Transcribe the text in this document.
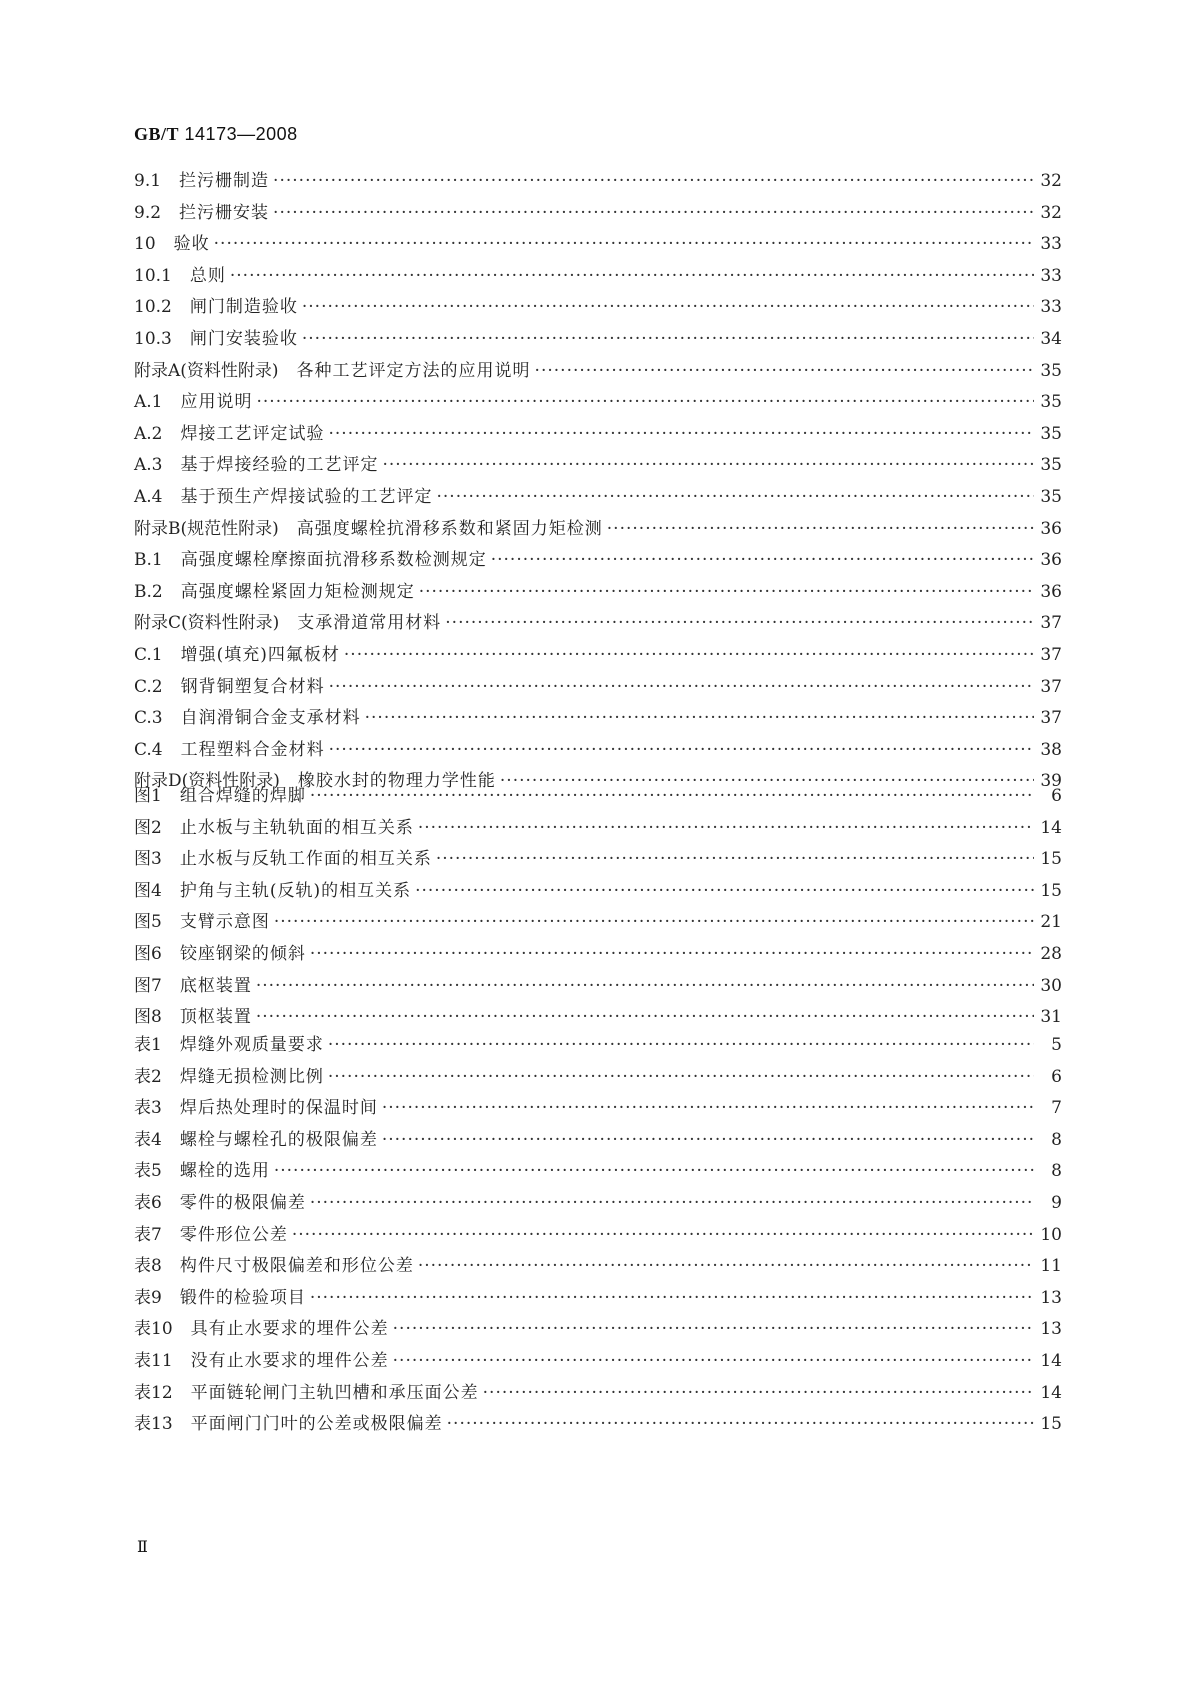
GB/T 14173—2008
9.1 拦污栅制造 ·····	32
9.2 拦污栅安装 ·····	32
10 验收 ·····	33
10.1 总则 ·····	33
10.2 闸门制造验收 ·····	33
10.3 闸门安装验收 ·····	34
附录A(资料性附录) 各种工艺评定方法的应用说明 ·····	35
A.1 应用说明 ·····	35
A.2 焊接工艺评定试验 ·····	35
A.3 基于焊接经验的工艺评定 ·····	35
A.4 基于预生产焊接试验的工艺评定 ·····	35
附录B(规范性附录) 高强度螺栓抗滑移系数和紧固力矩检测 ·····	36
B.1 高强度螺栓摩擦面抗滑移系数检测规定 ·····	36
B.2 高强度螺栓紧固力矩检测规定 ·····	36
附录C(资料性附录) 支承滑道常用材料 ·····	37
C.1 增强(填充)四氟板材 ·····	37
C.2 钢背铜塑复合材料 ·····	37
C.3 自润滑铜合金支承材料 ·····	37
C.4 工程塑料合金材料 ·····	38
附录D(资料性附录) 橡胶水封的物理力学性能 ·····	39
图1 组合焊缝的焊脚 ·····	6
图2 止水板与主轨轨面的相互关系 ·····	14
图3 止水板与反轨工作面的相互关系 ·····	15
图4 护角与主轨(反轨)的相互关系 ·····	15
图5 支臂示意图 ·····	21
图6 铰座钢梁的倾斜 ·····	28
图7 底枢装置 ·····	30
图8 顶枢装置 ·····	31
表1 焊缝外观质量要求 ·····	5
表2 焊缝无损检测比例 ·····	6
表3 焊后热处理时的保温时间 ·····	7
表4 螺栓与螺栓孔的极限偏差 ·····	8
表5 螺栓的选用 ·····	8
表6 零件的极限偏差 ·····	9
表7 零件形位公差 ·····	10
表8 构件尺寸极限偏差和形位公差 ·····	11
表9 锻件的检验项目 ·····	13
表10 具有止水要求的埋件公差 ·····	13
表11 没有止水要求的埋件公差 ·····	14
表12 平面链轮闸门主轨凹槽和承压面公差 ·····	14
表13 平面闸门门叶的公差或极限偏差 ·····	15
Ⅱ
